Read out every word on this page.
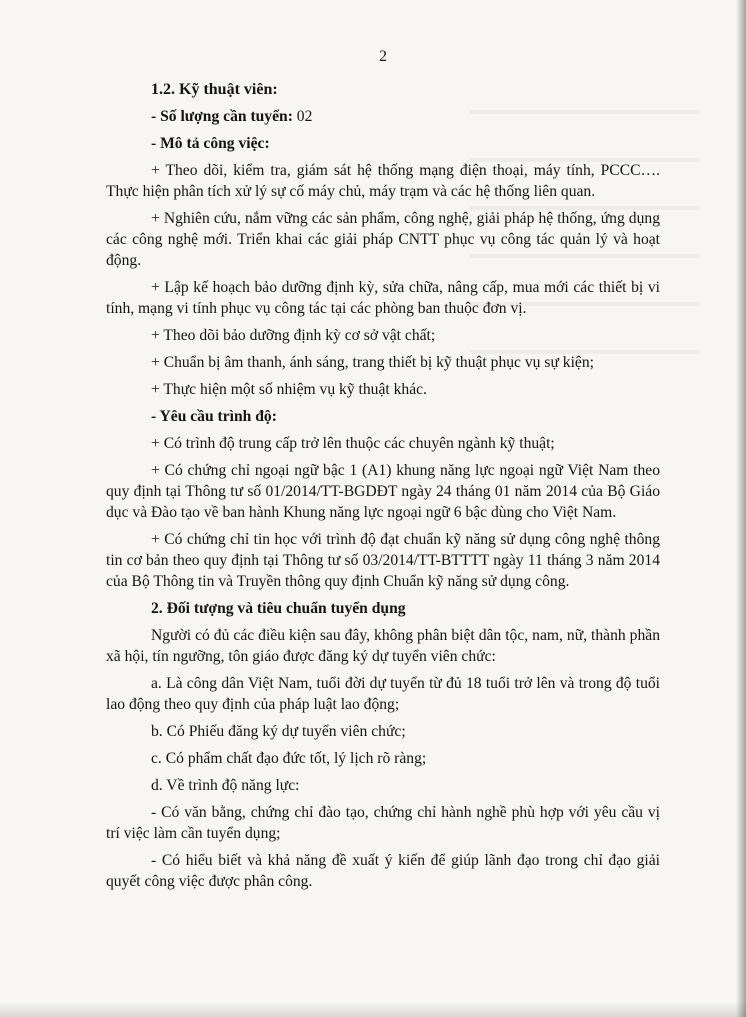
2
1.2. Kỹ thuật viên:
- Số lượng cần tuyển: 02
- Mô tả công việc:
+ Theo dõi, kiểm tra, giám sát hệ thống mạng điện thoại, máy tính, PCCC…. Thực hiện phân tích xử lý sự cố máy chủ, máy trạm và các hệ thống liên quan.
+ Nghiên cứu, nắm vững các sản phẩm, công nghệ, giải pháp hệ thống, ứng dụng các công nghệ mới. Triển khai các giải pháp CNTT phục vụ công tác quản lý và hoạt động.
+ Lập kế hoạch bảo dưỡng định kỳ, sửa chữa, nâng cấp, mua mới các thiết bị vi tính, mạng vi tính phục vụ công tác tại các phòng ban thuộc đơn vị.
+ Theo dõi bảo dưỡng định kỳ cơ sở vật chất;
+ Chuẩn bị âm thanh, ánh sáng, trang thiết bị kỹ thuật phục vụ sự kiện;
+ Thực hiện một số nhiệm vụ kỹ thuật khác.
- Yêu cầu trình độ:
+ Có trình độ trung cấp trở lên thuộc các chuyên ngành kỹ thuật;
+ Có chứng chỉ ngoại ngữ bậc 1 (A1) khung năng lực ngoại ngữ Việt Nam theo quy định tại Thông tư số 01/2014/TT-BGDĐT ngày 24 tháng 01 năm 2014 của Bộ Giáo dục và Đào tạo về ban hành Khung năng lực ngoại ngữ 6 bậc dùng cho Việt Nam.
+ Có chứng chỉ tin học với trình độ đạt chuẩn kỹ năng sử dụng công nghệ thông tin cơ bản theo quy định tại Thông tư số 03/2014/TT-BTTTT ngày 11 tháng 3 năm 2014 của Bộ Thông tin và Truyền thông quy định Chuẩn kỹ năng sử dụng công.
2. Đối tượng và tiêu chuẩn tuyển dụng
Người có đủ các điều kiện sau đây, không phân biệt dân tộc, nam, nữ, thành phần xã hội, tín ngưỡng, tôn giáo được đăng ký dự tuyển viên chức:
a. Là công dân Việt Nam, tuổi đời dự tuyển từ đủ 18 tuổi trở lên và trong độ tuổi lao động theo quy định của pháp luật lao động;
b. Có Phiếu đăng ký dự tuyển viên chức;
c. Có phẩm chất đạo đức tốt, lý lịch rõ ràng;
d. Về trình độ năng lực:
- Có văn bằng, chứng chỉ đào tạo, chứng chỉ hành nghề phù hợp với yêu cầu vị trí việc làm cần tuyển dụng;
- Có hiểu biết và khả năng đề xuất ý kiến để giúp lãnh đạo trong chỉ đạo giải quyết công việc được phân công.
